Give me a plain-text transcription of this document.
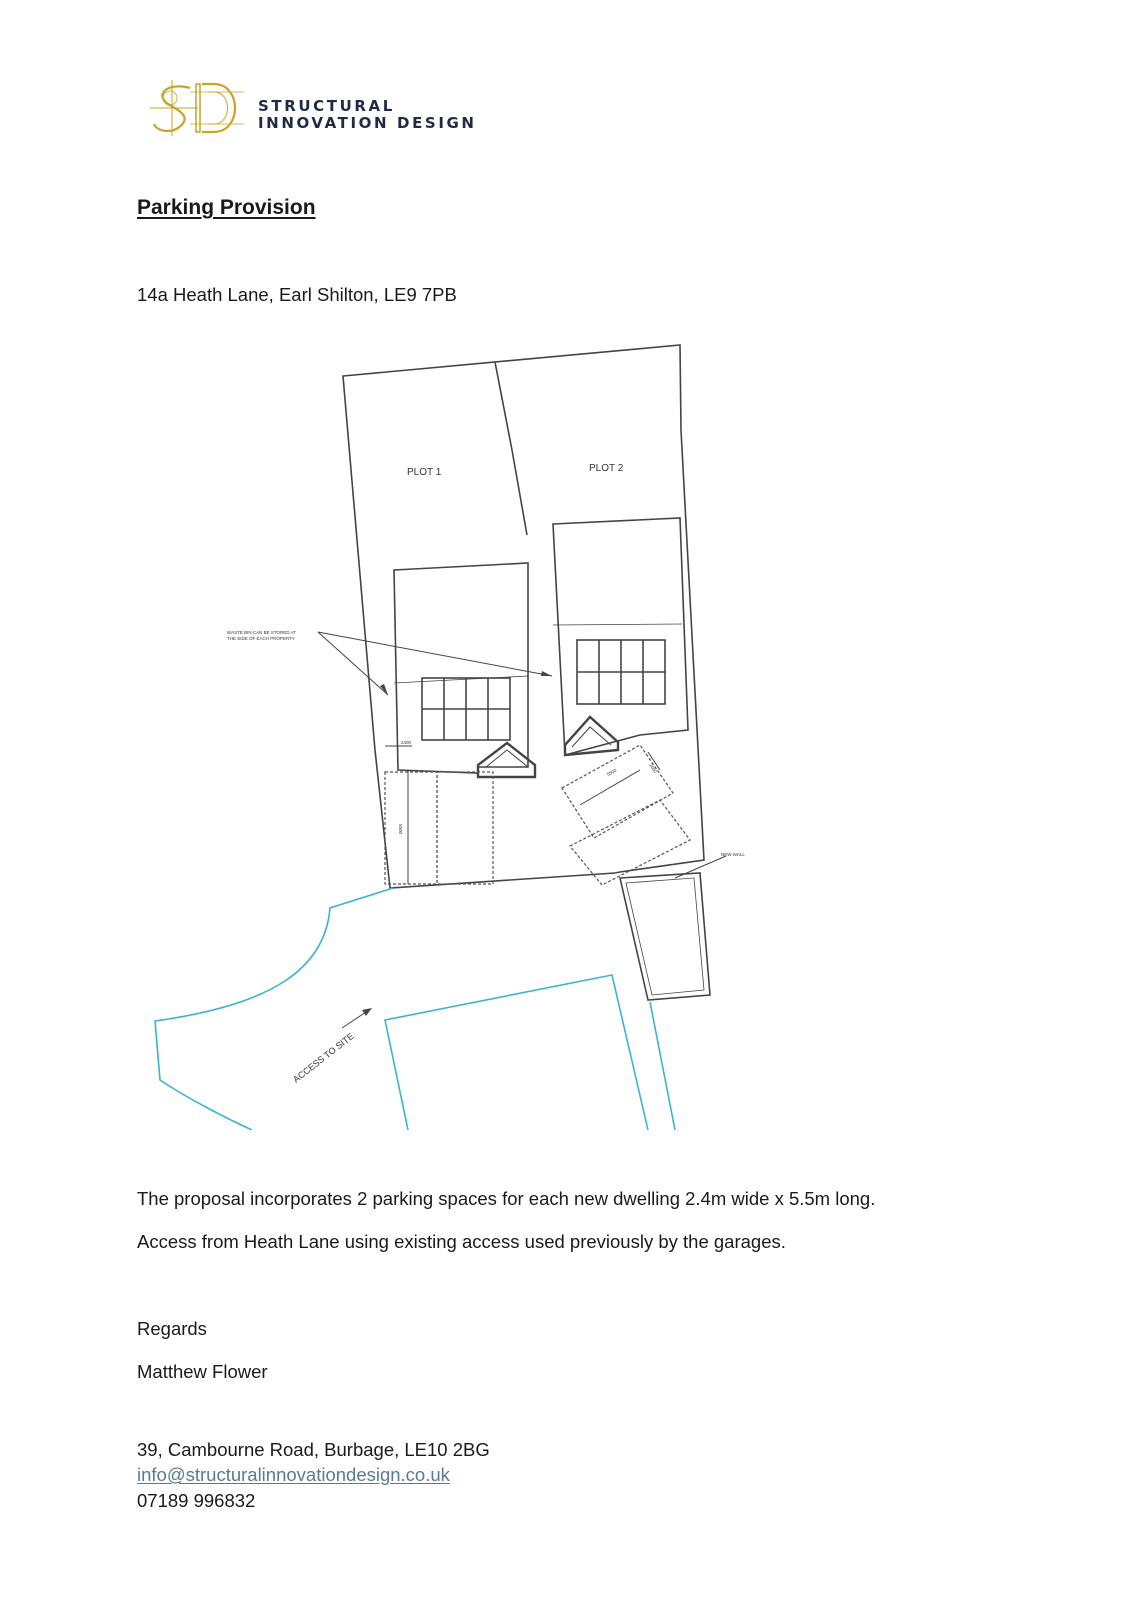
STRUCTURAL
INNOVATION DESIGN
Parking Provision
14a Heath Lane, Earl Shilton, LE9 7PB
PLOT 1	PLOT 2
WASTE BIN CAN BE STORED AT
THE SIDE OF EACH PROPERTY
2400
5500
5500	2400
NEW WALL
ACCESS TO SITE
The proposal incorporates 2 parking spaces for each new dwelling 2.4m wide x 5.5m long.
Access from Heath Lane using existing access used previously by the garages.
Regards
Matthew Flower
39, Cambourne Road, Burbage, LE10 2BG
info@structuralinnovationdesign.co.uk
07189 996832
